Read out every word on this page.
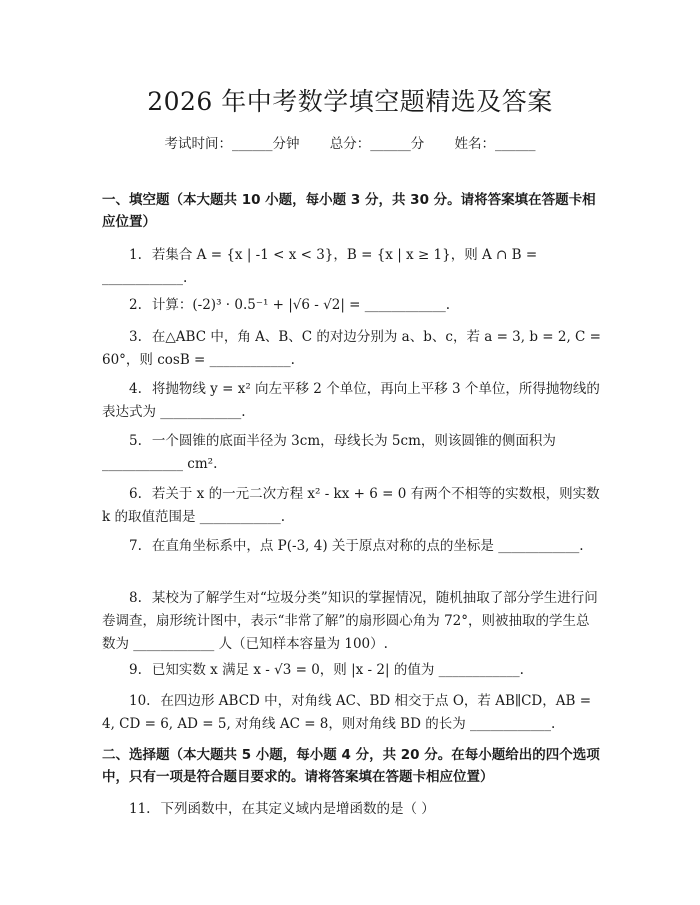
2026 年中考数学填空题精选及答案
考试时间：______分钟 总分：______分 姓名：______
一、填空题（本大题共 10 小题，每小题 3 分，共 30 分。请将答案填在答题卡相应位置）
1. 若集合 A = {x | -1 < x < 3}，B = {x | x ≥ 1}，则 A ∩ B = ____________.
2. 计算：(-2)³ · 0.5⁻¹ + |√6 - √2| = ____________.
3. 在△ABC 中，角 A、B、C 的对边分别为 a、b、c，若 a = 3, b = 2, C = 60°，则 cosB = ____________.
4. 将抛物线 y = x² 向左平移 2 个单位，再向上平移 3 个单位，所得抛物线的表达式为 ____________.
5. 一个圆锥的底面半径为 3cm，母线长为 5cm，则该圆锥的侧面积为 ____________ cm².
6. 若关于 x 的一元二次方程 x² - kx + 6 = 0 有两个不相等的实数根，则实数 k 的取值范围是 ____________.
7. 在直角坐标系中，点 P(-3, 4) 关于原点对称的点的坐标是 ____________.
8. 某校为了解学生对“垃圾分类”知识的掌握情况，随机抽取了部分学生进行问卷调查，扇形统计图中，表示“非常了解”的扇形圆心角为 72°，则被抽取的学生总数为 ____________ 人（已知样本容量为 100）.
9. 已知实数 x 满足 x - √3 = 0，则 |x - 2| 的值为 ____________.
10. 在四边形 ABCD 中，对角线 AC、BD 相交于点 O，若 AB∥CD，AB = 4, CD = 6, AD = 5, 对角线 AC = 8，则对角线 BD 的长为 ____________.
二、选择题（本大题共 5 小题，每小题 4 分，共 20 分。在每小题给出的四个选项中，只有一项是符合题目要求的。请将答案填在答题卡相应位置）
11. 下列函数中，在其定义域内是增函数的是（ ）
